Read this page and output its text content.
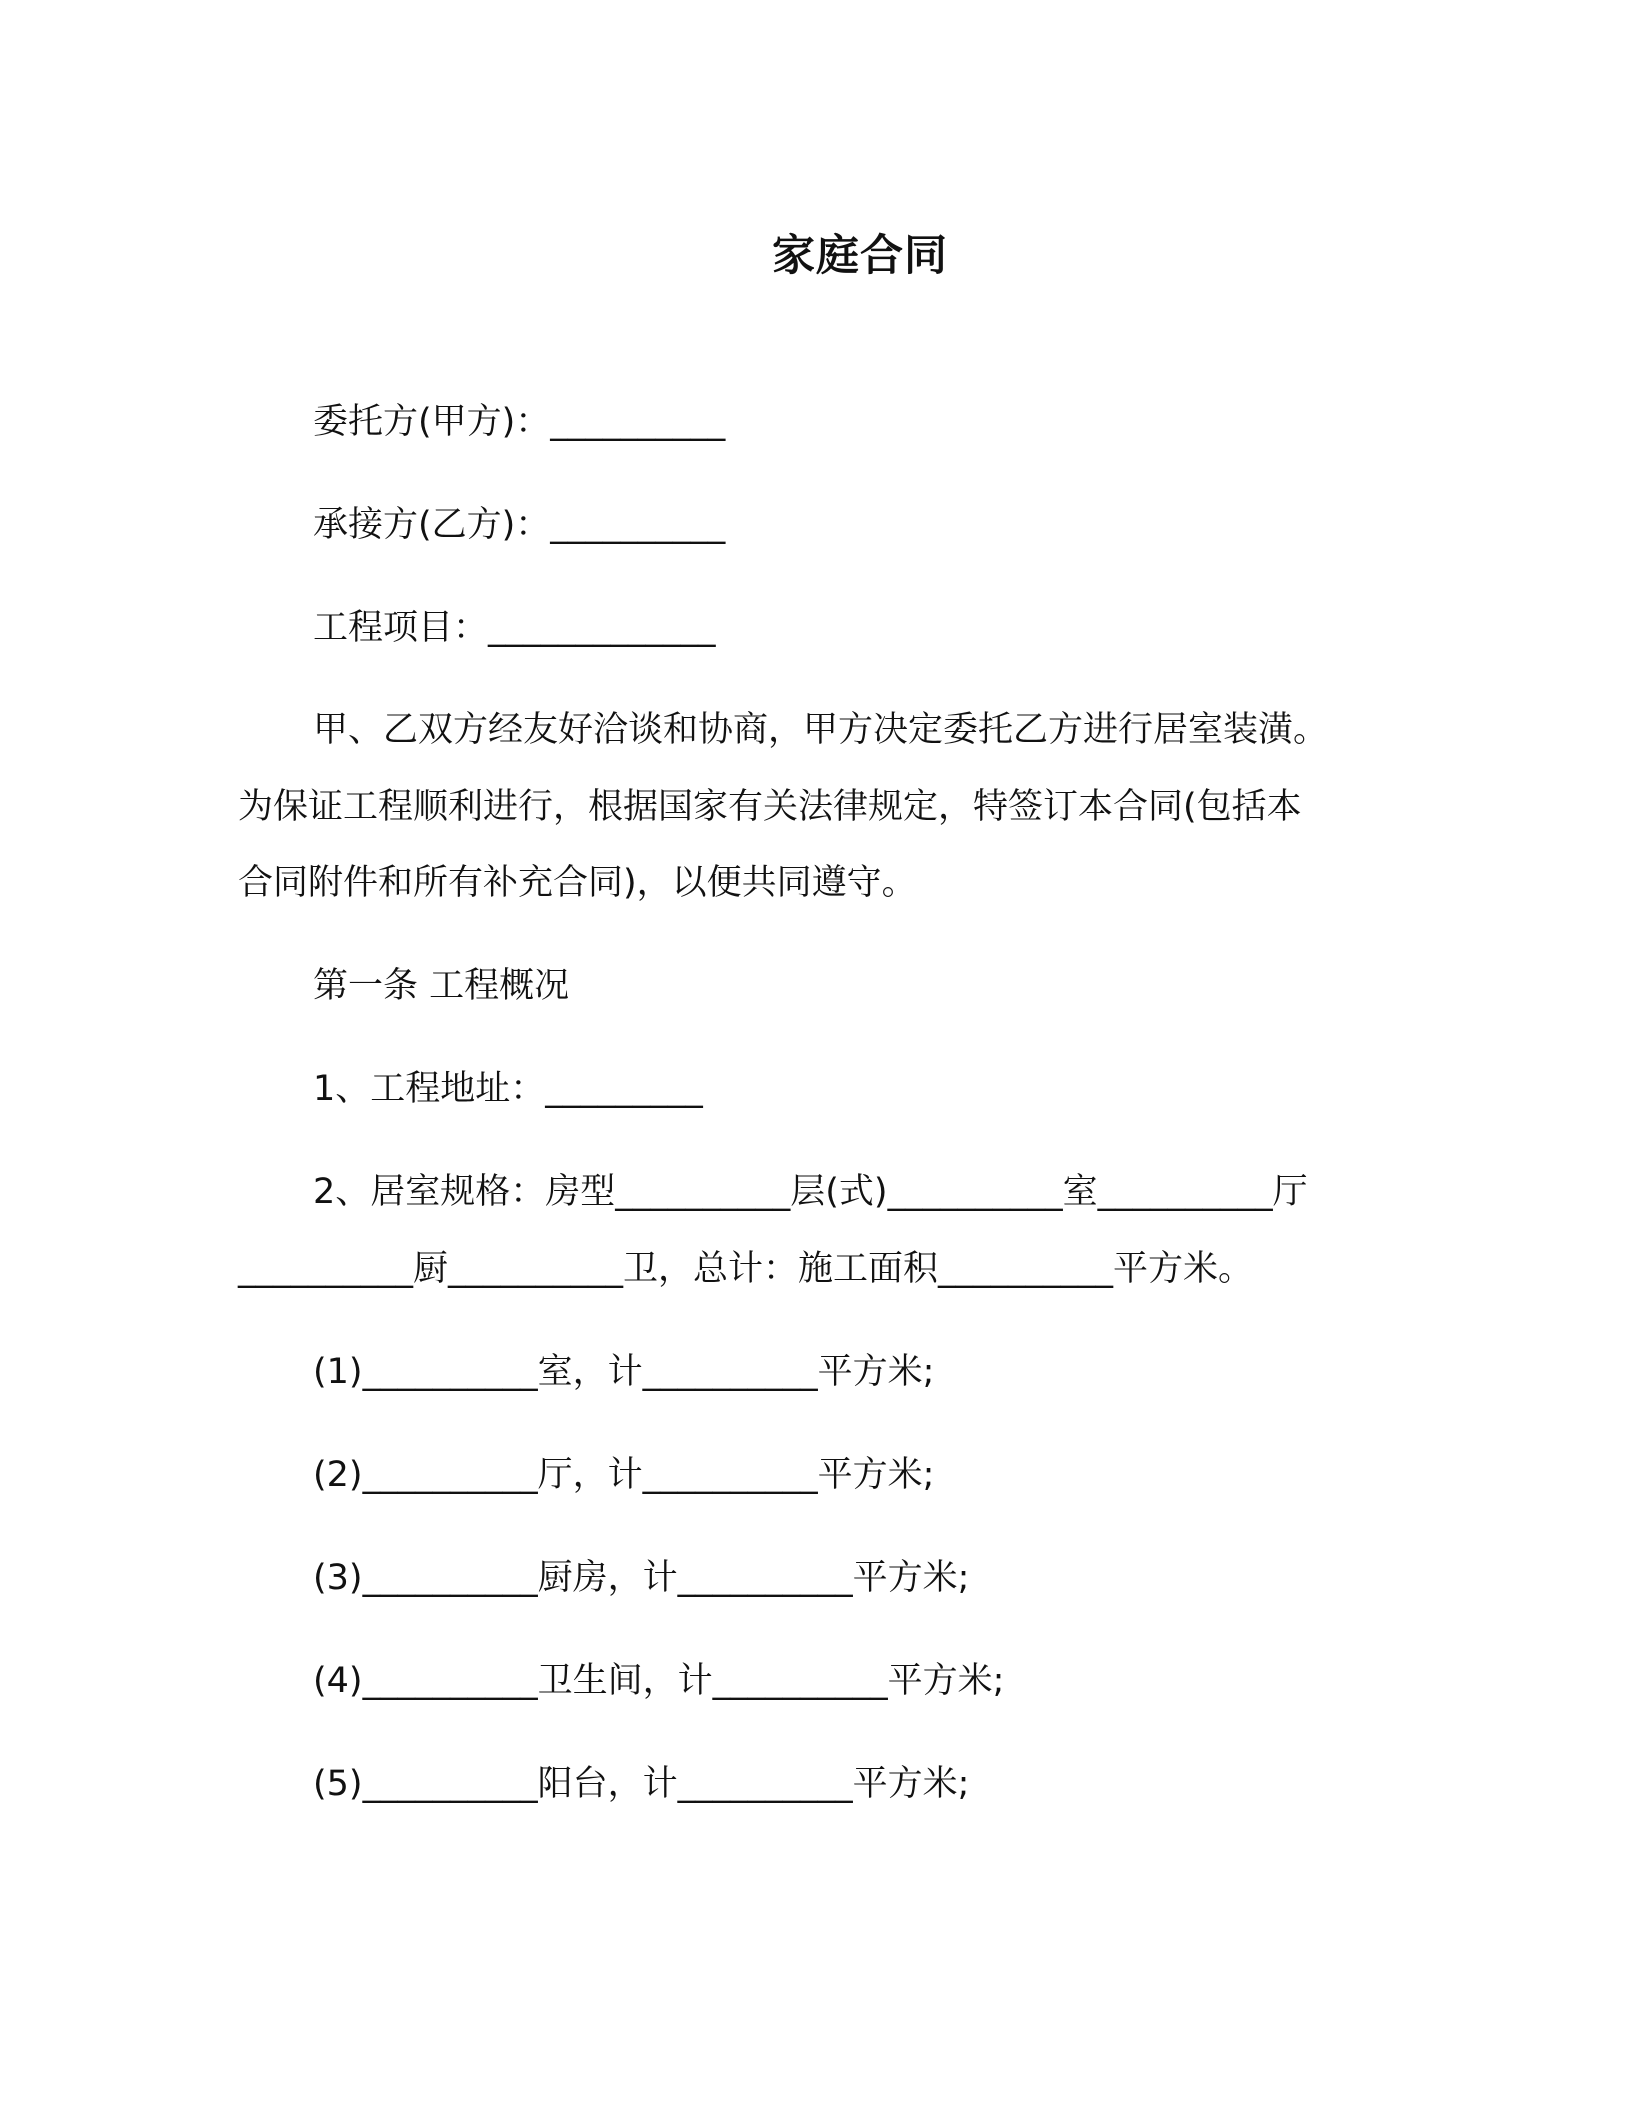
家庭合同
委托方(甲方)：__________
承接方(乙方)：__________
工程项目：_____________
甲、乙双方经友好洽谈和协商，甲方决定委托乙方进行居室装潢。
为保证工程顺利进行，根据国家有关法律规定，特签订本合同(包括本
合同附件和所有补充合同)，以便共同遵守。
第一条 工程概况
1、工程地址：_________
2、居室规格：房型__________层(式)__________室__________厅
__________厨__________卫，总计：施工面积__________平方米。
(1)__________室，计__________平方米;
(2)__________厅，计__________平方米;
(3)__________厨房，计__________平方米;
(4)__________卫生间，计__________平方米;
(5)__________阳台，计__________平方米;
